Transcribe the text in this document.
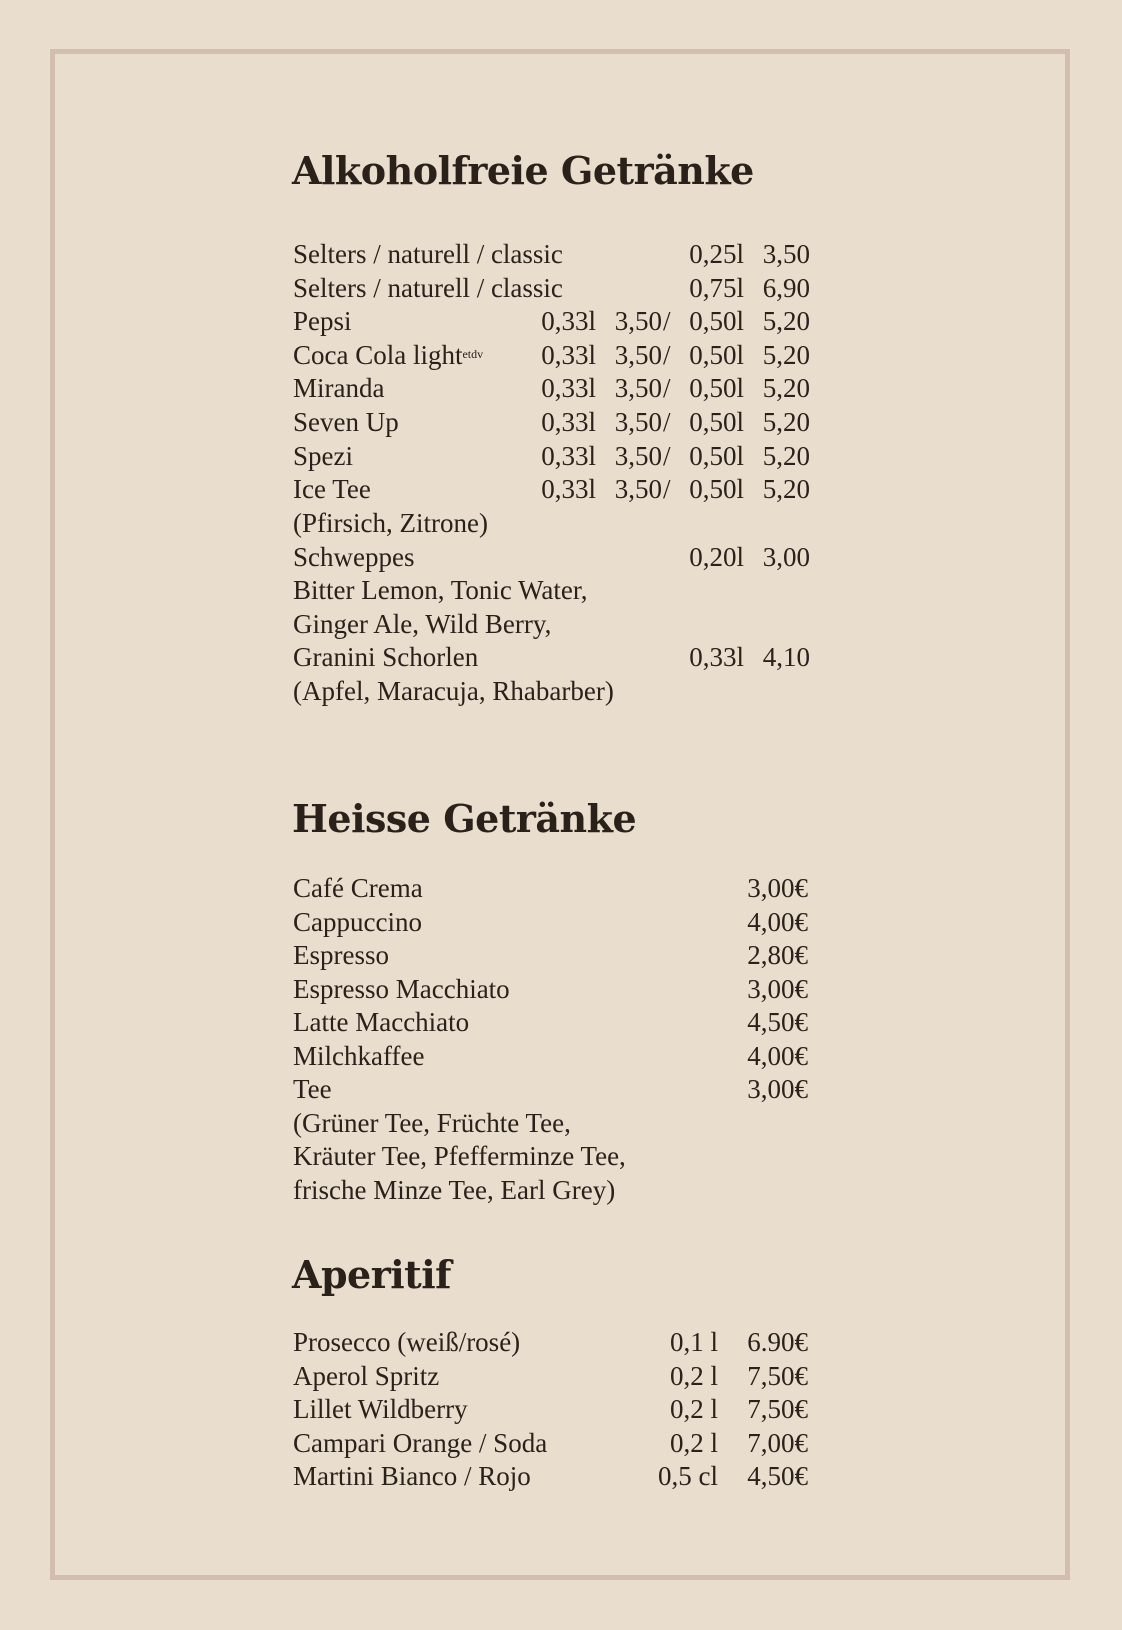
Alkoholfreie Getränke
Selters / naturell / classic	0,25l 3,50
Selters / naturell / classic	0,75l 6,90
Pepsi	0,33l 3,50 / 0,50l 5,20
Coca Cola light$^{etdv}$	0,33l 3,50 / 0,50l 5,20
Miranda	0,33l 3,50 / 0,50l 5,20
Seven Up	0,33l 3,50 / 0,50l 5,20
Spezi	0,33l 3,50 / 0,50l 5,20
Ice Tee	0,33l 3,50 / 0,50l 5,20
(Pfirsich, Zitrone)
Schweppes	0,20l 3,00
Bitter Lemon, Tonic Water,
Ginger Ale, Wild Berry,
Granini Schorlen	0,33l 4,10
(Apfel, Maracuja, Rhabarber)
Heisse Getränke
Café Crema	3,00€
Cappuccino	4,00€
Espresso	2,80€
Espresso Macchiato	3,00€
Latte Macchiato	4,50€
Milchkaffee	4,00€
Tee	3,00€
(Grüner Tee, Früchte Tee,
Kräuter Tee, Pfefferminze Tee,
frische Minze Tee, Earl Grey)
Aperitif
Prosecco (weiß/rosé)	0,1 l	6.90€
Aperol Spritz	0,2 l	7,50€
Lillet Wildberry	0,2 l	7,50€
Campari Orange / Soda	0,2 l	7,00€
Martini Bianco / Rojo	0,5 cl	4,50€
